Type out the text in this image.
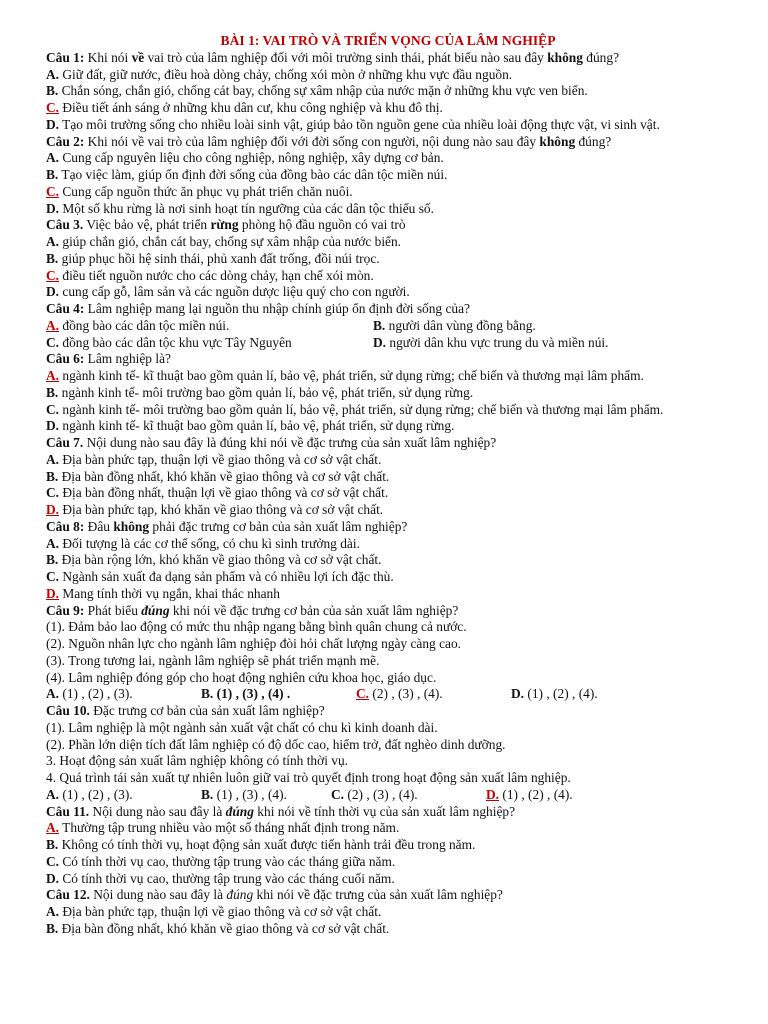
BÀI 1: VAI TRÒ VÀ TRIỂN VỌNG CỦA LÂM NGHIỆP
Câu 1: Khi nói về vai trò của lâm nghiệp đối với môi trường sinh thái, phát biểu nào sau đây không đúng?
A. Giữ đất, giữ nước, điều hoà dòng chảy, chống xói mòn ở những khu vực đầu nguồn.
B. Chắn sóng, chắn gió, chống cát bay, chống sự xâm nhập của nước mặn ở những khu vực ven biển.
C. Điều tiết ánh sáng ở những khu dân cư, khu công nghiệp và khu đô thị.
D. Tạo môi trường sống cho nhiều loài sinh vật, giúp bảo tồn nguồn gene của nhiều loài động thực vật, vi sinh vật.
Câu 2: Khi nói về vai trò của lâm nghiệp đối với đời sống con người, nội dung nào sau đây không đúng?
A. Cung cấp nguyên liệu cho công nghiệp, nông nghiệp, xây dựng cơ bản.
B. Tạo việc làm, giúp ổn định đời sống của đồng bào các dân tộc miền núi.
C. Cung cấp nguồn thức ăn phục vụ phát triển chăn nuôi.
D. Một số khu rừng là nơi sinh hoạt tín ngưỡng của các dân tộc thiểu số.
Câu 3. Việc bảo vệ, phát triển rừng phòng hộ đầu nguồn có vai trò
A. giúp chắn gió, chắn cát bay, chống sự xâm nhập của nước biển.
B. giúp phục hồi hệ sinh thái, phủ xanh đất trống, đồi núi trọc.
C. điều tiết nguồn nước cho các dòng chảy, hạn chế xói mòn.
D. cung cấp gỗ, lâm sản và các nguồn dược liệu quý cho con người.
Câu 4: Lâm nghiệp mang lại nguồn thu nhập chính giúp ổn định đời sống của?
A. đồng bào các dân tộc miền núi.	B. người dân vùng đồng bằng.
C. đồng bào các dân tộc khu vực Tây Nguyên	D. người dân khu vực trung du và miền núi.
Câu 6: Lâm nghiệp là?
A. ngành kinh tế- kĩ thuật bao gồm quản lí, bảo vệ, phát triển, sử dụng rừng; chế biến và thương mại lâm phẩm.
B. ngành kinh tế- môi trường bao gồm quản lí, bảo vệ, phát triển, sử dụng rừng.
C. ngành kinh tế- môi trường bao gồm quản lí, bảo vệ, phát triển, sử dụng rừng; chế biến và thương mại lâm phẩm.
D. ngành kinh tế- kĩ thuật bao gồm quản lí, bảo vệ, phát triển, sử dụng rừng.
Câu 7. Nội dung nào sau đây là đúng khi nói về đặc trưng của sản xuất lâm nghiệp?
A. Địa bàn phức tạp, thuận lợi về giao thông và cơ sở vật chất.
B. Địa bàn đồng nhất, khó khăn về giao thông và cơ sở vật chất.
C. Địa bàn đồng nhất, thuận lợi về giao thông và cơ sở vật chất.
D. Địa bàn phức tạp, khó khăn về giao thông và cơ sở vật chất.
Câu 8: Đâu không phải đặc trưng cơ bản của sản xuất lâm nghiệp?
A. Đối tượng là các cơ thể sống, có chu kì sinh trưởng dài.
B. Địa bàn rộng lớn, khó khăn về giao thông và cơ sở vật chất.
C. Ngành sản xuất đa dạng sản phẩm và có nhiều lợi ích đặc thù.
D. Mang tính thời vụ ngắn, khai thác nhanh
Câu 9: Phát biểu đúng khi nói về đặc trưng cơ bản của sản xuất lâm nghiệp?
(1). Đảm bảo lao động có mức thu nhập ngang bằng bình quân chung cả nước.
(2). Nguồn nhân lực cho ngành lâm nghiệp đòi hỏi chất lượng ngày càng cao.
(3). Trong tương lai, ngành lâm nghiệp sẽ phát triển mạnh mẽ.
(4). Lâm nghiệp đóng góp cho hoạt động nghiên cứu khoa học, giáo dục.
A. (1) , (2) , (3).	B. (1) , (3) , (4) .	C. (2) , (3) , (4).	D. (1) , (2) , (4).
Câu 10. Đặc trưng cơ bản của sản xuất lâm nghiệp?
(1). Lâm nghiệp là một ngành sản xuất vật chất có chu kì kinh doanh dài.
(2). Phần lớn diện tích đất lâm nghiệp có độ dốc cao, hiểm trở, đất nghèo dinh dưỡng.
3. Hoạt động sản xuất lâm nghiệp không có tính thời vụ.
4. Quá trình tái sản xuất tự nhiên luôn giữ vai trò quyết định trong hoạt động sản xuất lâm nghiệp.
A. (1) , (2) , (3).	B. (1) , (3) , (4).	C. (2) , (3) , (4).	D. (1) , (2) , (4).
Câu 11. Nội dung nào sau đây là đúng khi nói về tính thời vụ của sản xuất lâm nghiệp?
A. Thường tập trung nhiều vào một số tháng nhất định trong năm.
B. Không có tính thời vụ, hoạt động sản xuất được tiến hành trải đều trong năm.
C. Có tính thời vụ cao, thường tập trung vào các tháng giữa năm.
D. Có tính thời vụ cao, thường tập trung vào các tháng cuối năm.
Câu 12. Nội dung nào sau đây là đúng khi nói về đặc trưng của sản xuất lâm nghiệp?
A. Địa bàn phức tạp, thuận lợi về giao thông và cơ sở vật chất.
B. Địa bàn đồng nhất, khó khăn về giao thông và cơ sở vật chất.
